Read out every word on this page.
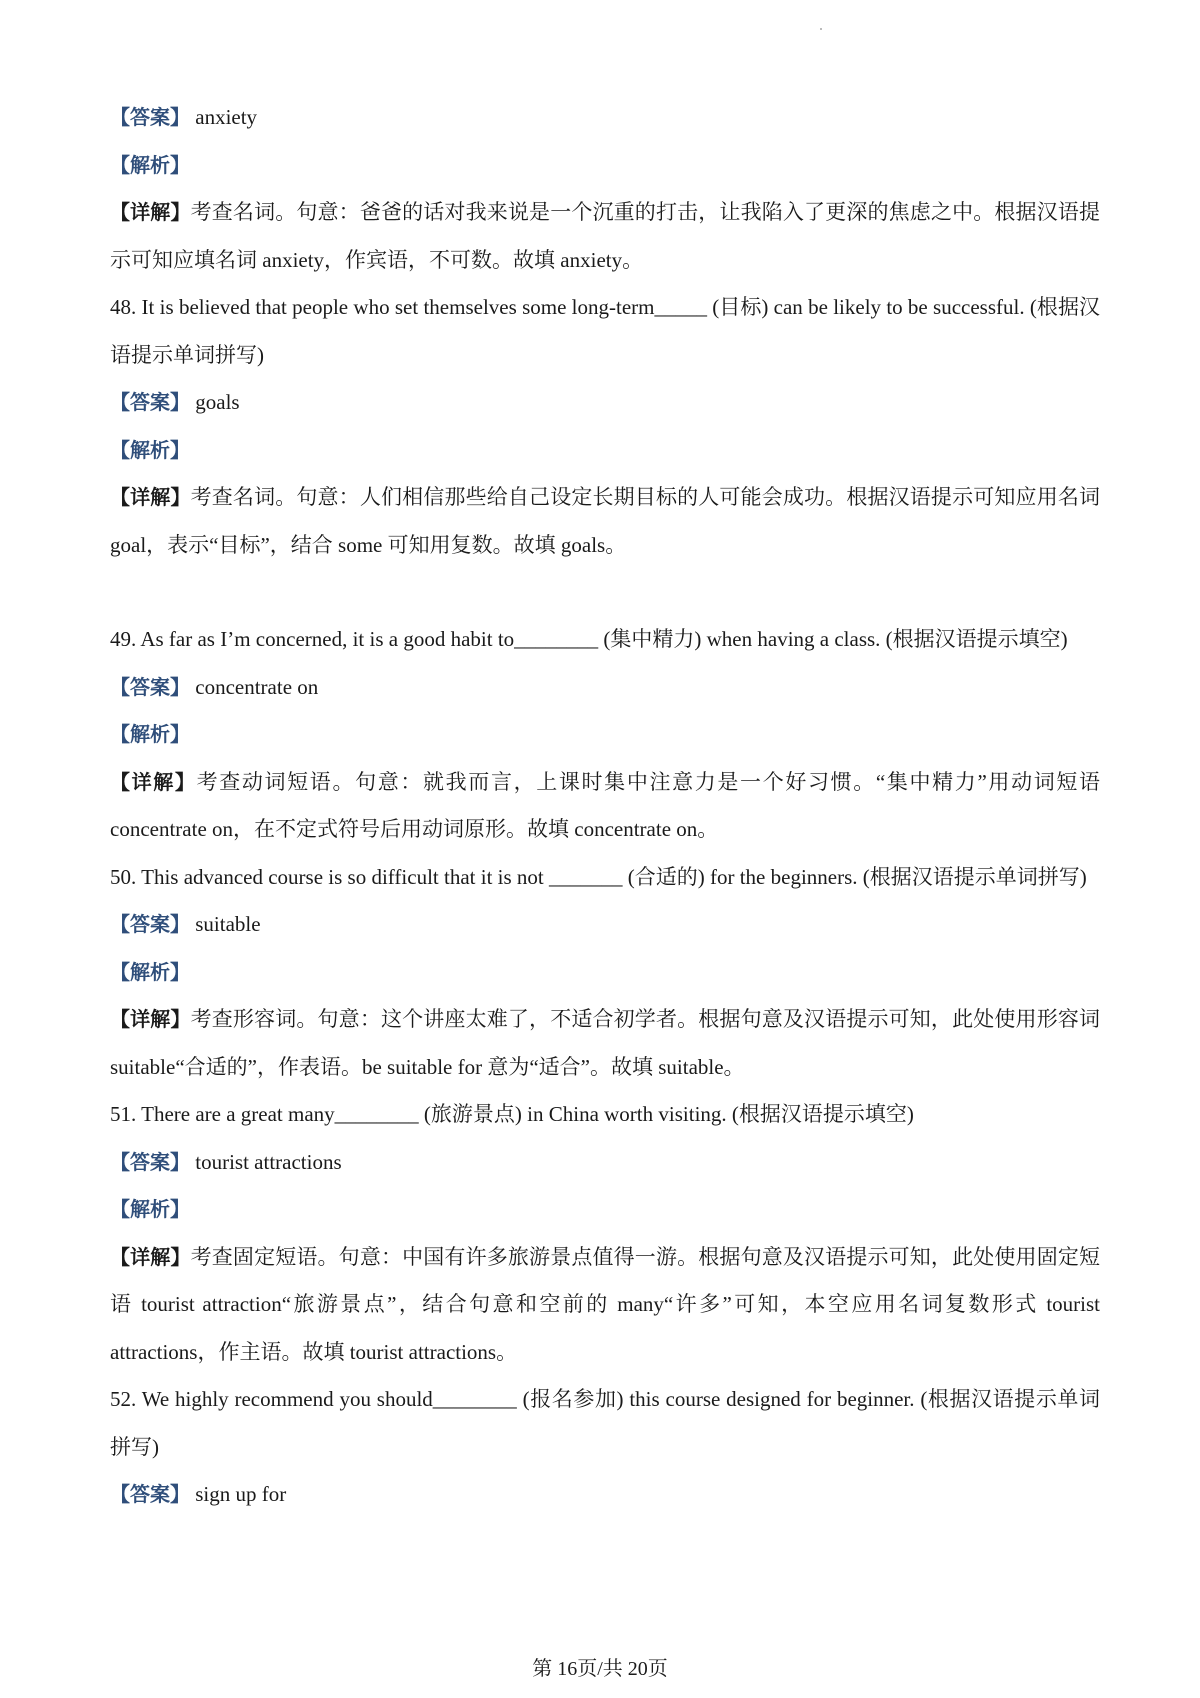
【答案】 anxiety

【解析】

【详解】考查名词。句意：爸爸的话对我来说是一个沉重的打击，让我陷入了更深的焦虑之中。根据汉语提示可知应填名词 anxiety，作宾语，不可数。故填 anxiety。

48. It is believed that people who set themselves some long-term_____ (目标) can be likely to be successful. (根据汉语提示单词拼写)

【答案】 goals

【解析】

【详解】考查名词。句意：人们相信那些给自己设定长期目标的人可能会成功。根据汉语提示可知应用名词 goal，表示“目标”，结合 some 可知用复数。故填 goals。

49. As far as I’m concerned, it is a good habit to________ (集中精力) when having a class. (根据汉语提示填空)

【答案】 concentrate on

【解析】

【详解】考查动词短语。句意：就我而言，上课时集中注意力是一个好习惯。“集中精力”用动词短语 concentrate on，在不定式符号后用动词原形。故填 concentrate on。

50. This advanced course is so difficult that it is not _______ (合适的) for the beginners. (根据汉语提示单词拼写)

【答案】 suitable

【解析】

【详解】考查形容词。句意：这个讲座太难了，不适合初学者。根据句意及汉语提示可知，此处使用形容词 suitable“合适的”，作表语。be suitable for 意为“适合”。故填 suitable。

51. There are a great many________ (旅游景点) in China worth visiting. (根据汉语提示填空)

【答案】 tourist attractions

【解析】

【详解】考查固定短语。句意：中国有许多旅游景点值得一游。根据句意及汉语提示可知，此处使用固定短语 tourist attraction“旅游景点”，结合句意和空前的 many“许多”可知，本空应用名词复数形式 tourist attractions，作主语。故填 tourist attractions。

52. We highly recommend you should________ (报名参加) this course designed for beginner. (根据汉语提示单词拼写)

【答案】 sign up for

第 16页/共 20页
